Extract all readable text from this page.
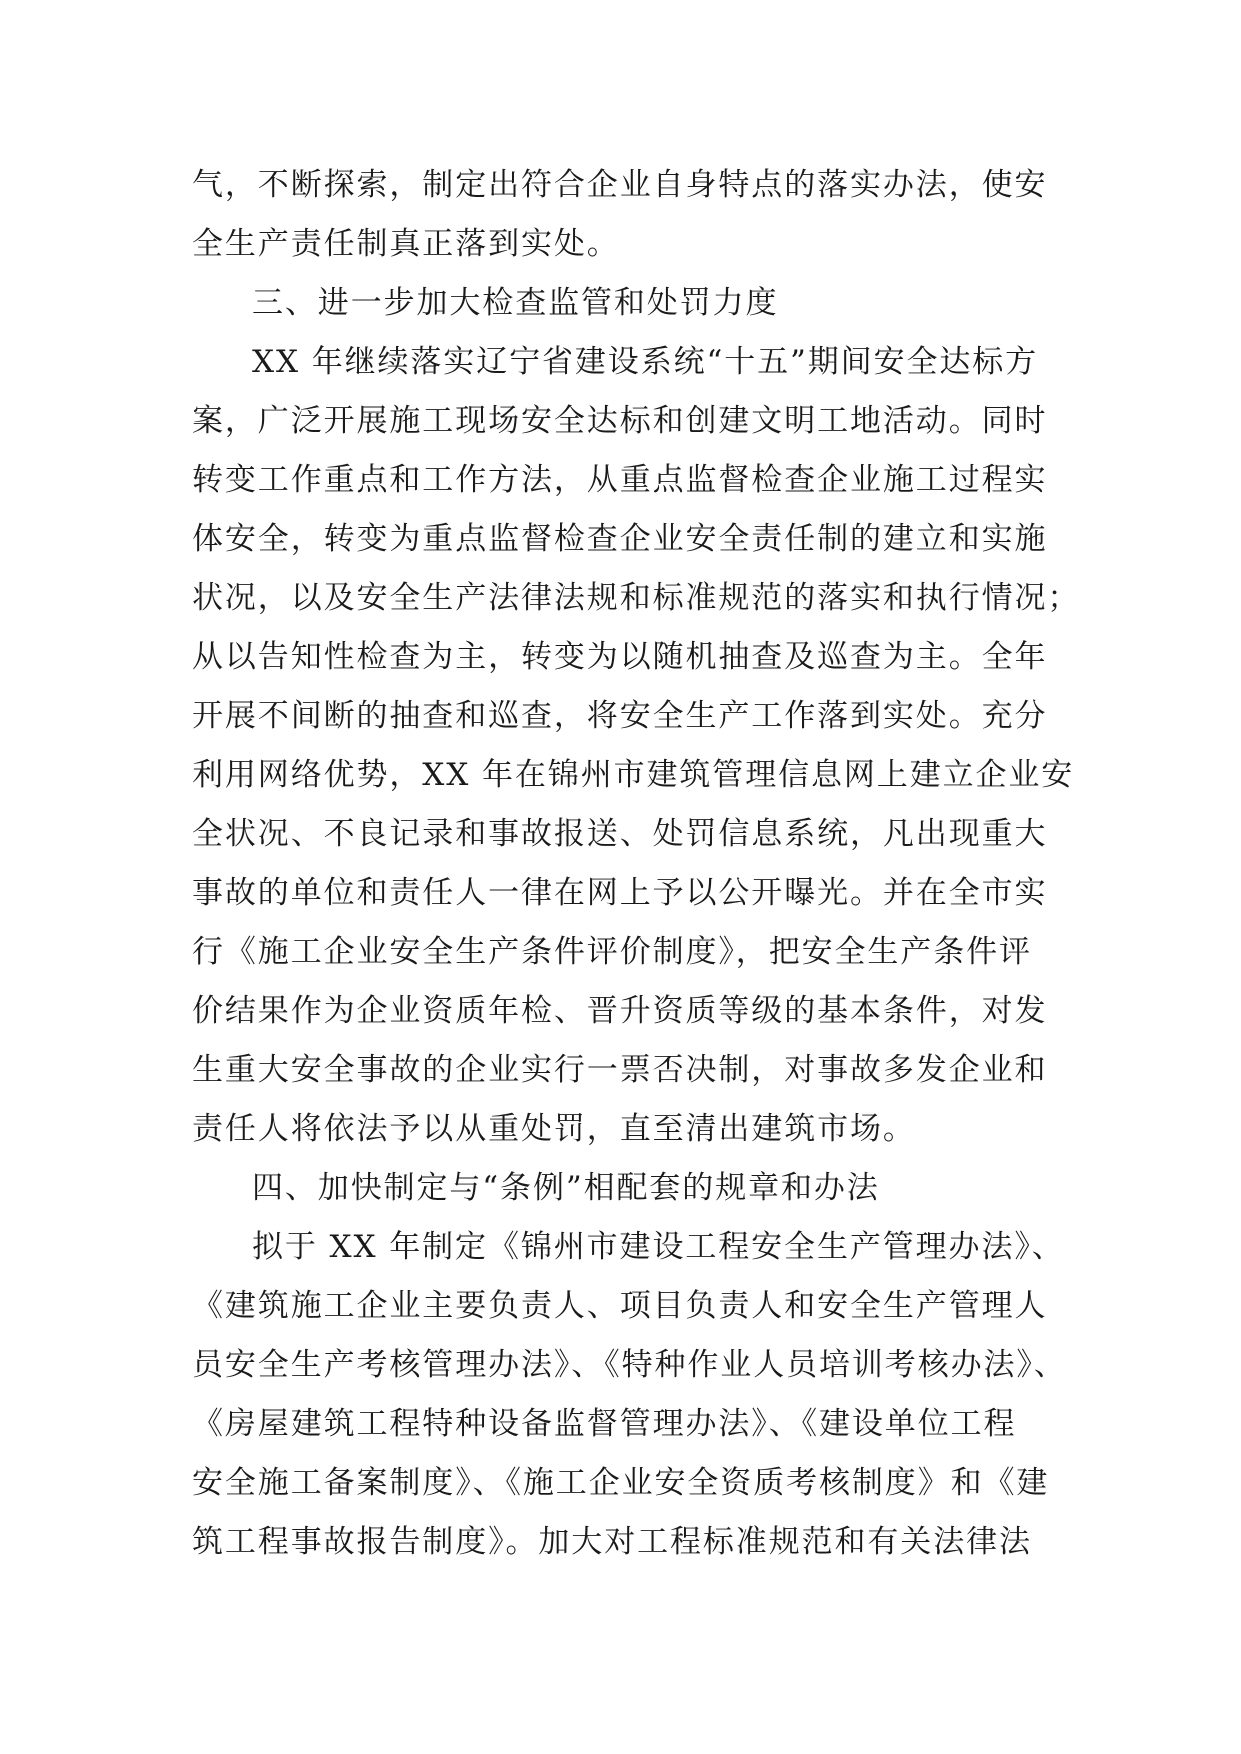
气，不断探索，制定出符合企业自身特点的落实办法，使安
全生产责任制真正落到实处。

三、进一步加大检查监管和处罚力度

XX 年继续落实辽宁省建设系统“十五”期间安全达标方
案，广泛开展施工现场安全达标和创建文明工地活动。同时
转变工作重点和工作方法，从重点监督检查企业施工过程实
体安全，转变为重点监督检查企业安全责任制的建立和实施
状况，以及安全生产法律法规和标准规范的落实和执行情况；
从以告知性检查为主，转变为以随机抽查及巡查为主。全年
开展不间断的抽查和巡查，将安全生产工作落到实处。充分
利用网络优势，XX 年在锦州市建筑管理信息网上建立企业安
全状况、不良记录和事故报送、处罚信息系统，凡出现重大
事故的单位和责任人一律在网上予以公开曝光。并在全市实
行《施工企业安全生产条件评价制度》，把安全生产条件评
价结果作为企业资质年检、晋升资质等级的基本条件，对发
生重大安全事故的企业实行一票否决制，对事故多发企业和
责任人将依法予以从重处罚，直至清出建筑市场。

四、加快制定与“条例”相配套的规章和办法

拟于 XX 年制定《锦州市建设工程安全生产管理办法》、
《建筑施工企业主要负责人、项目负责人和安全生产管理人
员安全生产考核管理办法》、《特种作业人员培训考核办法》、
《房屋建筑工程特种设备监督管理办法》、《建设单位工程
安全施工备案制度》、《施工企业安全资质考核制度》和《建
筑工程事故报告制度》。加大对工程标准规范和有关法律法
